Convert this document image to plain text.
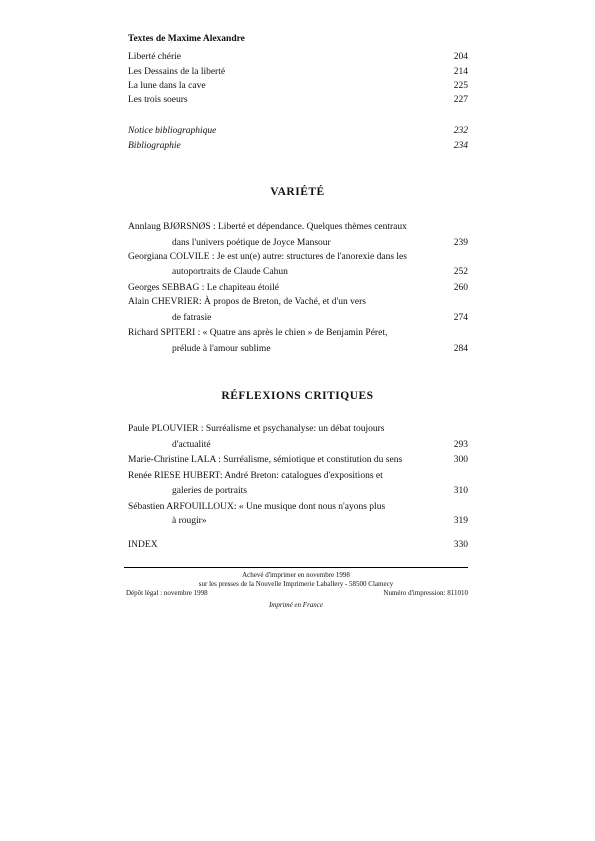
Textes de Maxime Alexandre
Liberté chérie	204
Les Dessains de la liberté	214
La lune dans la cave	225
Les trois soeurs	227
Notice bibliographique	232
Bibliographie	234
VARIÉTÉ
Annlaug BJØRSNØS : Liberté et dépendance. Quelques thèmes centraux
dans l'univers poétique de Joyce Mansour	239
Georgiana COLVILE : Je est un(e) autre: structures de l'anorexie dans les
autoportraits de Claude Cahun	252
Georges SEBBAG : Le chapiteau étoilé	260
Alain CHEVRIER: À propos de Breton, de Vaché, et d'un vers
de fatrasie	274
Richard SPITERI : « Quatre ans après le chien » de Benjamin Péret,
prélude à l'amour sublime	284
RÉFLEXIONS CRITIQUES
Paule PLOUVIER : Surréalisme et psychanalyse: un débat toujours
d'actualité	293
Marie-Christine LALA : Surréalisme, sémiotique et constitution du sens	300
Renée RIESE HUBERT: André Breton: catalogues d'expositions et
galeries de portraits	310
Sébastien ARFOUILLOUX: « Une musique dont nous n'ayons plus
à rougir»	319
INDEX	330
Achevé d'imprimer en novembre 1998
sur les presses de la Nouvelle Imprimerie Laballery - 58500 Clamecy
Dépôt légal : novembre 1998	Numéro d'impression: 811010
Imprimé en France
